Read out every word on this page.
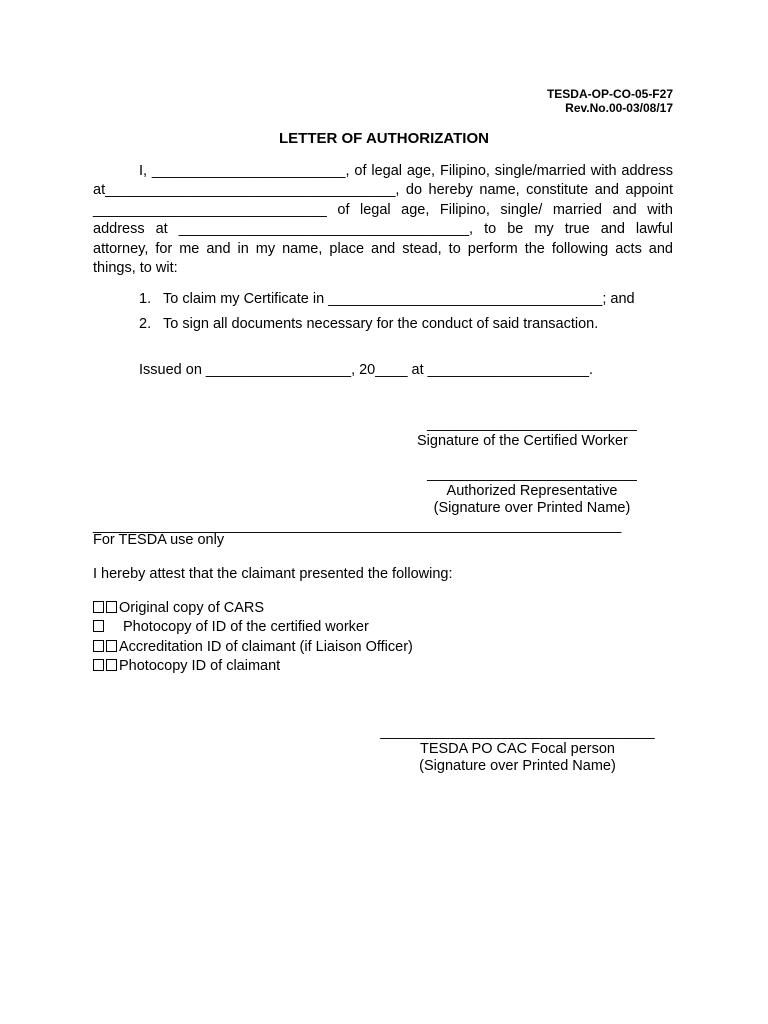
TESDA-OP-CO-05-F27
Rev.No.00-03/08/17
LETTER OF AUTHORIZATION

I, ________________________, of legal age, Filipino, single/married with address at____________________________________, do hereby name, constitute and appoint _____________________________ of legal age, Filipino, single/ married and with address at ____________________________________, to be my true and lawful attorney, for me and in my name, place and stead, to perform the following acts and things, to wit:

1. To claim my Certificate in __________________________________; and
2. To sign all documents necessary for the conduct of said transaction.
Issued on __________________, 20____ at ____________________.
__________________________
Signature of the Certified Worker
__________________________
Authorized Representative
(Signature over Printed Name)
____________________________________________________________________
For TESDA use only
I hereby attest that the claimant presented the following:
Original copy of CARS
Photocopy of ID of the certified worker
Accreditation ID of claimant (if Liaison Officer)
Photocopy ID of claimant
__________________________________
TESDA PO CAC Focal person
(Signature over Printed Name)
